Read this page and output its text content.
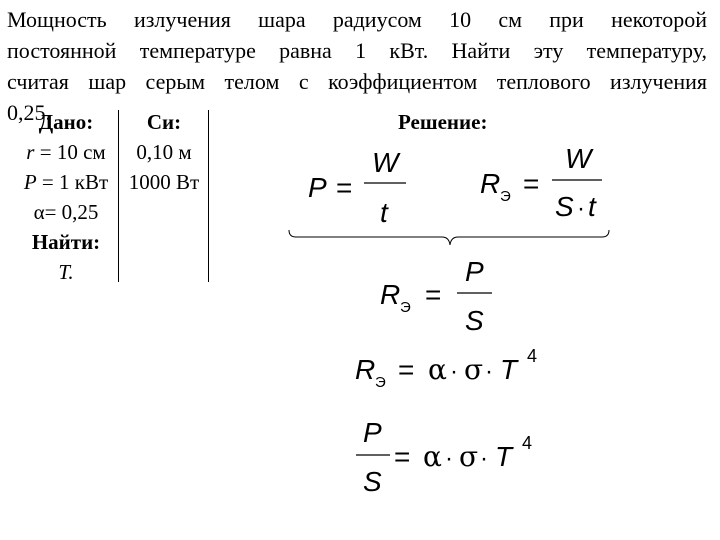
Мощность излучения шара радиусом 10 см при некоторой
постоянной температуре равна 1 кВт. Найти эту температуру,
считая шар серым телом с коэффициентом теплового излучения
0,25.
Дано:
r = 10 см
P = 1 кВт
α= 0,25
Найти:
T.
Си:
0,10 м
1000 Вт
Решение:
P =
W
t
R Э =
W
S · t
R Э =
P
S
R Э = α · σ · T 4
P
S
= α · σ · T 4
